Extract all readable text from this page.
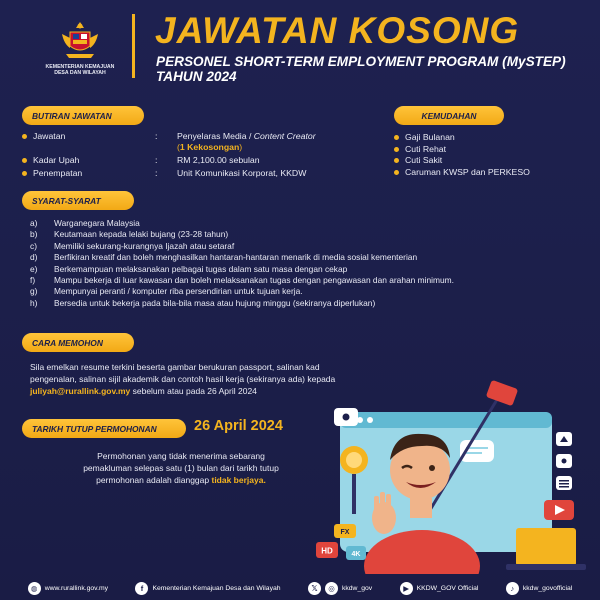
KEMENTERIAN KEMAJUAN DESA DAN WILAYAH
JAWATAN KOSONG
PERSONEL SHORT-TERM EMPLOYMENT PROGRAM (MySTEP) TAHUN 2024
BUTIRAN JAWATAN
Jawatan	:	Penyelaras Media / Content Creator
(1 Kekosongan)
Kadar Upah	:	RM 2,100.00 sebulan
Penempatan	:	Unit Komunikasi Korporat, KKDW
KEMUDAHAN
Gaji Bulanan
Cuti Rehat
Cuti Sakit
Caruman KWSP dan PERKESO
SYARAT-SYARAT
a)	Warganegara Malaysia
b)	Keutamaan kepada lelaki bujang (23-28 tahun)
c)	Memiliki sekurang-kurangnya Ijazah atau setaraf
d)	Berfikiran kreatif dan boleh menghasilkan hantaran-hantaran menarik di media sosial kementerian
e)	Berkemampuan melaksanakan pelbagai tugas dalam satu masa dengan cekap
f)	Mampu bekerja di luar kawasan dan boleh melaksanakan tugas dengan pengawasan dan arahan minimum.
g)	Mempunyai peranti / komputer riba persendirian untuk tujuan kerja.
h)	Bersedia untuk bekerja pada bila-bila masa atau hujung minggu (sekiranya diperlukan)
CARA MEMOHON
Sila emelkan resume terkini beserta gambar berukuran passport, salinan kad
pengenalan, salinan sijil akademik dan contoh hasil kerja (sekiranya ada) kepada
juliyah@rurallink.gov.my sebelum atau pada 26 April 2024
TARIKH TUTUP PERMOHONAN	26 April 2024
Permohonan yang tidak menerima sebarang
pemakluman selepas satu (1) bulan dari tarikh tutup
permohonan adalah dianggap tidak berjaya.
HD	4K
FX
◍	www.rurallink.gov.my	f	Kementerian Kemajuan Desa dan Wilayah	𝕏	◎	kkdw_gov	▶	KKDW_GOV Official	♪	kkdw_govofficial
